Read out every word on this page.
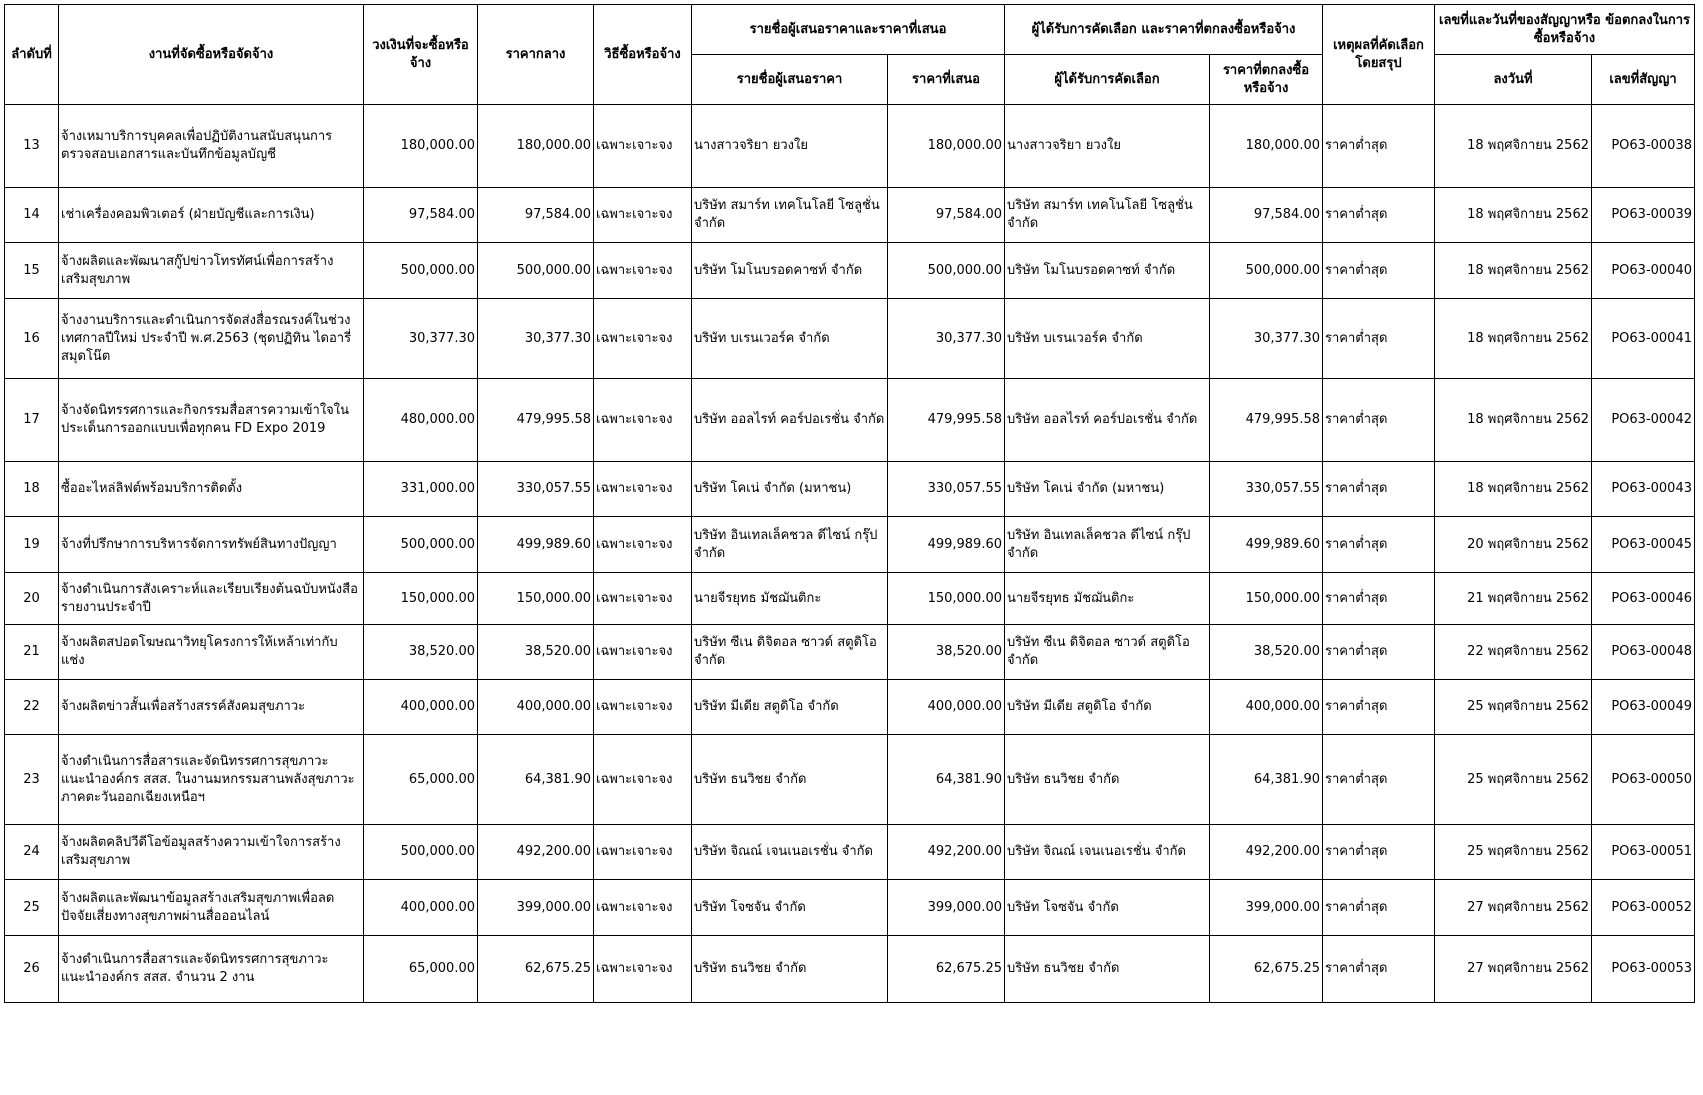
ลำดับที่	งานที่จัดซื้อหรือจัดจ้าง	วงเงินที่จะซื้อหรือจ้าง	ราคากลาง	วิธีซื้อหรือจ้าง	รายชื่อผู้เสนอราคาและราคาที่เสนอ		ผู้ได้รับการคัดเลือก และราคาที่ตกลงซื้อหรือจ้าง		เหตุผลที่คัดเลือก โดยสรุป	เลขที่และวันที่ของสัญญาหรือ ข้อตกลงในการซื้อหรือจ้าง	
					รายชื่อผู้เสนอราคา	ราคาที่เสนอ	ผู้ได้รับการคัดเลือก	ราคาที่ตกลงซื้อหรือจ้าง		ลงวันที่	เลขที่สัญญา
13	จ้างเหมาบริการบุคคลเพื่อปฏิบัติงานสนับสนุนการตรวจสอบเอกสารและบันทึกข้อมูลบัญชี	180,000.00	180,000.00	เฉพาะเจาะจง	นางสาวจริยา ยวงใย	180,000.00	นางสาวจริยา ยวงใย	180,000.00	ราคาต่ำสุด	18 พฤศจิกายน 2562	PO63-00038
14	เช่าเครื่องคอมพิวเตอร์ (ฝ่ายบัญชีและการเงิน)	97,584.00	97,584.00	เฉพาะเจาะจง	บริษัท สมาร์ท เทคโนโลยี โซลูชั่น จำกัด	97,584.00	บริษัท สมาร์ท เทคโนโลยี โซลูชั่น จำกัด	97,584.00	ราคาต่ำสุด	18 พฤศจิกายน 2562	PO63-00039
15	จ้างผลิตและพัฒนาสกู๊ปข่าวโทรทัศน์เพื่อการสร้างเสริมสุขภาพ	500,000.00	500,000.00	เฉพาะเจาะจง	บริษัท โมโนบรอดคาซท์ จำกัด	500,000.00	บริษัท โมโนบรอดคาซท์ จำกัด	500,000.00	ราคาต่ำสุด	18 พฤศจิกายน 2562	PO63-00040
16	จ้างงานบริการและดำเนินการจัดส่งสื่อรณรงค์ในช่วงเทศกาลปีใหม่ ประจำปี พ.ศ.2563 (ชุดปฏิทิน ไดอารี่ สมุดโน๊ต	30,377.30	30,377.30	เฉพาะเจาะจง	บริษัท บเรนเวอร์ค จำกัด	30,377.30	บริษัท บเรนเวอร์ค จำกัด	30,377.30	ราคาต่ำสุด	18 พฤศจิกายน 2562	PO63-00041
17	จ้างจัดนิทรรศการและกิจกรรมสื่อสารความเข้าใจในประเด็นการออกแบบเพื่อทุกคน FD Expo 2019	480,000.00	479,995.58	เฉพาะเจาะจง	บริษัท ออลไรท์ คอร์ปอเรชั่น จำกัด	479,995.58	บริษัท ออลไรท์ คอร์ปอเรชั่น จำกัด	479,995.58	ราคาต่ำสุด	18 พฤศจิกายน 2562	PO63-00042
18	ซื้ออะไหล่ลิฟต์พร้อมบริการติดตั้ง	331,000.00	330,057.55	เฉพาะเจาะจง	บริษัท โคเน่ จำกัด (มหาชน)	330,057.55	บริษัท โคเน่ จำกัด (มหาชน)	330,057.55	ราคาต่ำสุด	18 พฤศจิกายน 2562	PO63-00043
19	จ้างที่ปรึกษาการบริหารจัดการทรัพย์สินทางปัญญา	500,000.00	499,989.60	เฉพาะเจาะจง	บริษัท อินเทลเล็คชวล ดีไซน์ กรุ๊ป จำกัด	499,989.60	บริษัท อินเทลเล็คชวล ดีไซน์ กรุ๊ป จำกัด	499,989.60	ราคาต่ำสุด	20 พฤศจิกายน 2562	PO63-00045
20	จ้างดำเนินการสังเคราะห์และเรียบเรียงต้นฉบับหนังสือรายงานประจำปี	150,000.00	150,000.00	เฉพาะเจาะจง	นายจีรยุทธ มัชฌันติกะ	150,000.00	นายจีรยุทธ มัชฌันติกะ	150,000.00	ราคาต่ำสุด	21 พฤศจิกายน 2562	PO63-00046
21	จ้างผลิตสปอตโฆษณาวิทยุโครงการให้เหล้าเท่ากับแช่ง	38,520.00	38,520.00	เฉพาะเจาะจง	บริษัท ซีเน ดิจิตอล ซาวด์ สตูดิโอ จำกัด	38,520.00	บริษัท ซีเน ดิจิตอล ซาวด์ สตูดิโอ จำกัด	38,520.00	ราคาต่ำสุด	22 พฤศจิกายน 2562	PO63-00048
22	จ้างผลิตข่าวสั้นเพื่อสร้างสรรค์สังคมสุขภาวะ	400,000.00	400,000.00	เฉพาะเจาะจง	บริษัท มีเดีย สตูดิโอ จำกัด	400,000.00	บริษัท มีเดีย สตูดิโอ จำกัด	400,000.00	ราคาต่ำสุด	25 พฤศจิกายน 2562	PO63-00049
23	จ้างดำเนินการสื่อสารและจัดนิทรรศการสุขภาวะ แนะนำองค์กร สสส. ในงานมหกรรมสานพลังสุขภาวะภาคตะวันออกเฉียงเหนือฯ	65,000.00	64,381.90	เฉพาะเจาะจง	บริษัท ธนวิชย จำกัด	64,381.90	บริษัท ธนวิชย จำกัด	64,381.90	ราคาต่ำสุด	25 พฤศจิกายน 2562	PO63-00050
24	จ้างผลิตคลิปวีดีโอข้อมูลสร้างความเข้าใจการสร้างเสริมสุขภาพ	500,000.00	492,200.00	เฉพาะเจาะจง	บริษัท จิณณ์ เจนเนอเรชั่น จำกัด	492,200.00	บริษัท จิณณ์ เจนเนอเรชั่น จำกัด	492,200.00	ราคาต่ำสุด	25 พฤศจิกายน 2562	PO63-00051
25	จ้างผลิตและพัฒนาข้อมูลสร้างเสริมสุขภาพเพื่อลดปัจจัยเสี่ยงทางสุขภาพผ่านสื่อออนไลน์	400,000.00	399,000.00	เฉพาะเจาะจง	บริษัท โจซจัน จำกัด	399,000.00	บริษัท โจซจัน จำกัด	399,000.00	ราคาต่ำสุด	27 พฤศจิกายน 2562	PO63-00052
26	จ้างดำเนินการสื่อสารและจัดนิทรรศการสุขภาวะ แนะนำองค์กร สสส. จำนวน 2 งาน	65,000.00	62,675.25	เฉพาะเจาะจง	บริษัท ธนวิชย จำกัด	62,675.25	บริษัท ธนวิชย จำกัด	62,675.25	ราคาต่ำสุด	27 พฤศจิกายน 2562	PO63-00053
